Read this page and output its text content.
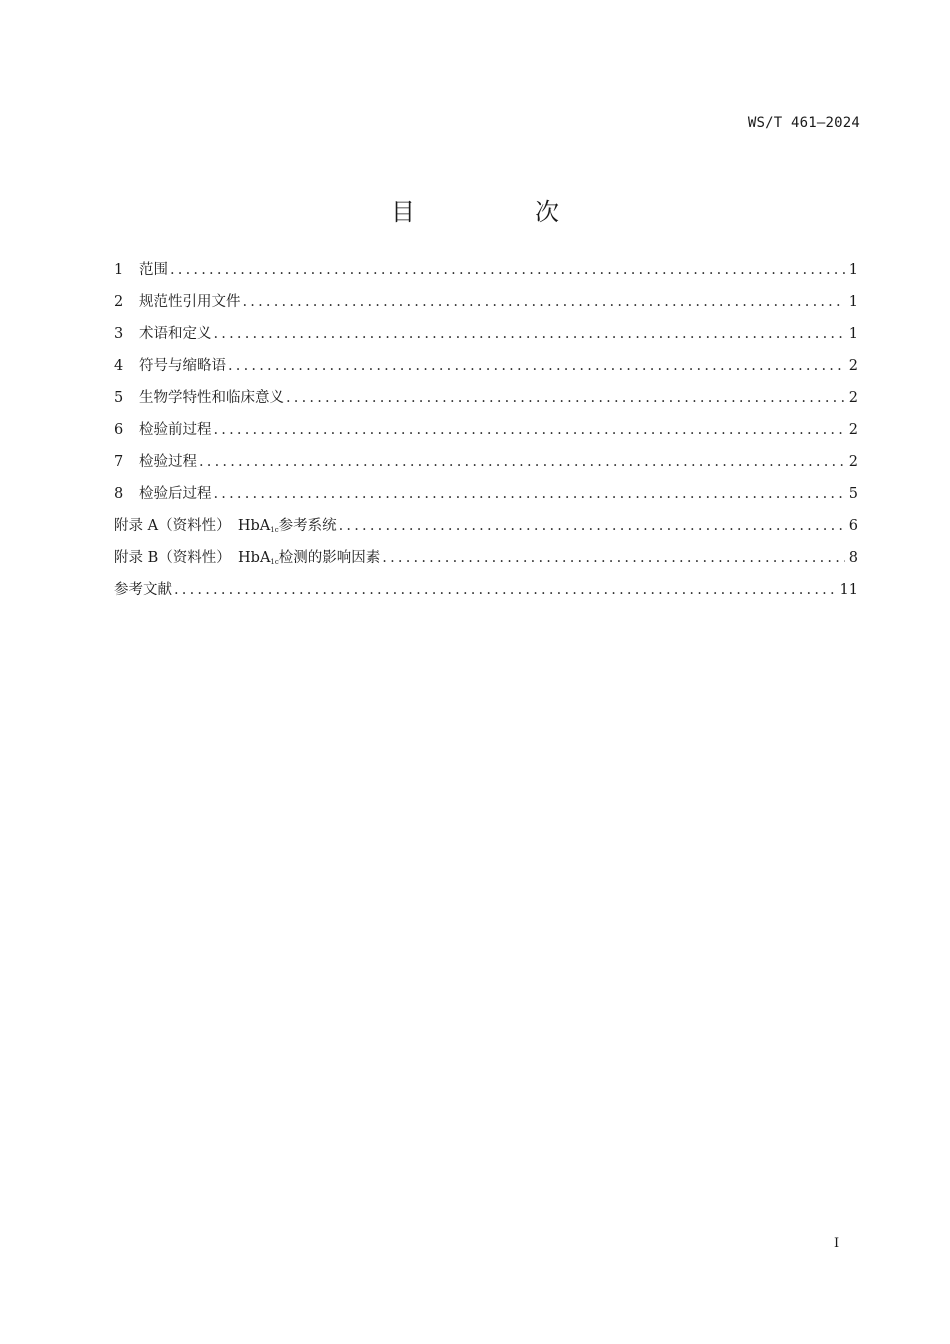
WS/T 461—2024
目　次
1	范围 .....	1
2	规范性引用文件 .....	1
3	术语和定义 .....	1
4	符号与缩略语 .....	2
5	生物学特性和临床意义 .....	2
6	检验前过程 .....	2
7	检验过程 .....	2
8	检验后过程 .....	5
附录 A（资料性）　HbA$_{1c}$参考系统 .....	6
附录 B（资料性）　HbA$_{1c}$检测的影响因素 .....	8
参考文献 .....	11
I
